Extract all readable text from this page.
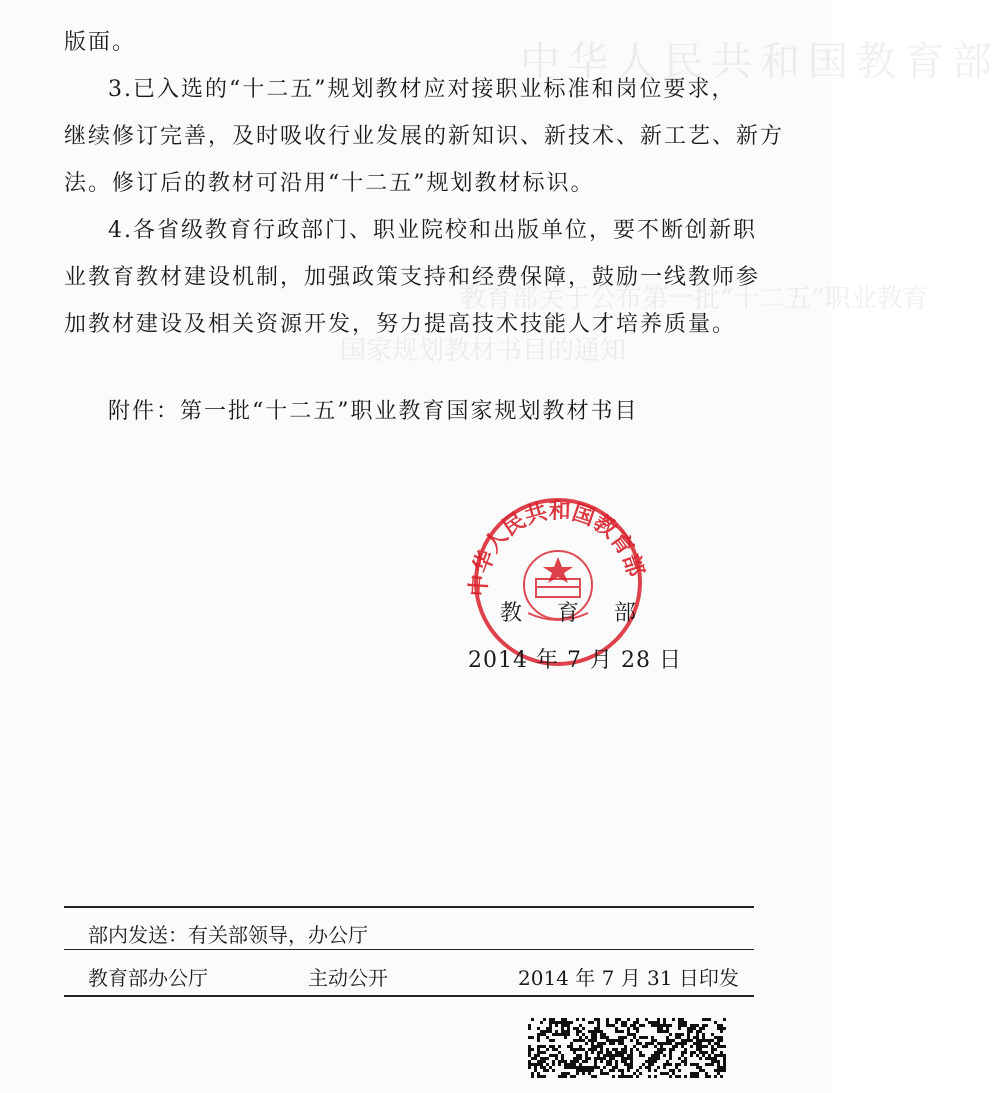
中华人民共和国教育部
教育部关于公布第一批“十二五”职业教育
国家规划教材书目的通知
版面。
3.已入选的“十二五”规划教材应对接职业标准和岗位要求，
继续修订完善，及时吸收行业发展的新知识、新技术、新工艺、新方
法。修订后的教材可沿用“十二五”规划教材标识。
4.各省级教育行政部门、职业院校和出版单位，要不断创新职
业教育教材建设机制，加强政策支持和经费保障，鼓励一线教师参
加教材建设及相关资源开发，努力提高技术技能人才培养质量。
附件：第一批“十二五”职业教育国家规划教材书目
中华人民共和国教育部
教 育 部
2014 年 7 月 28 日
部内发送：有关部领导，办公厅
教育部办公厅	主动公开	2014 年 7 月 31 日印发
